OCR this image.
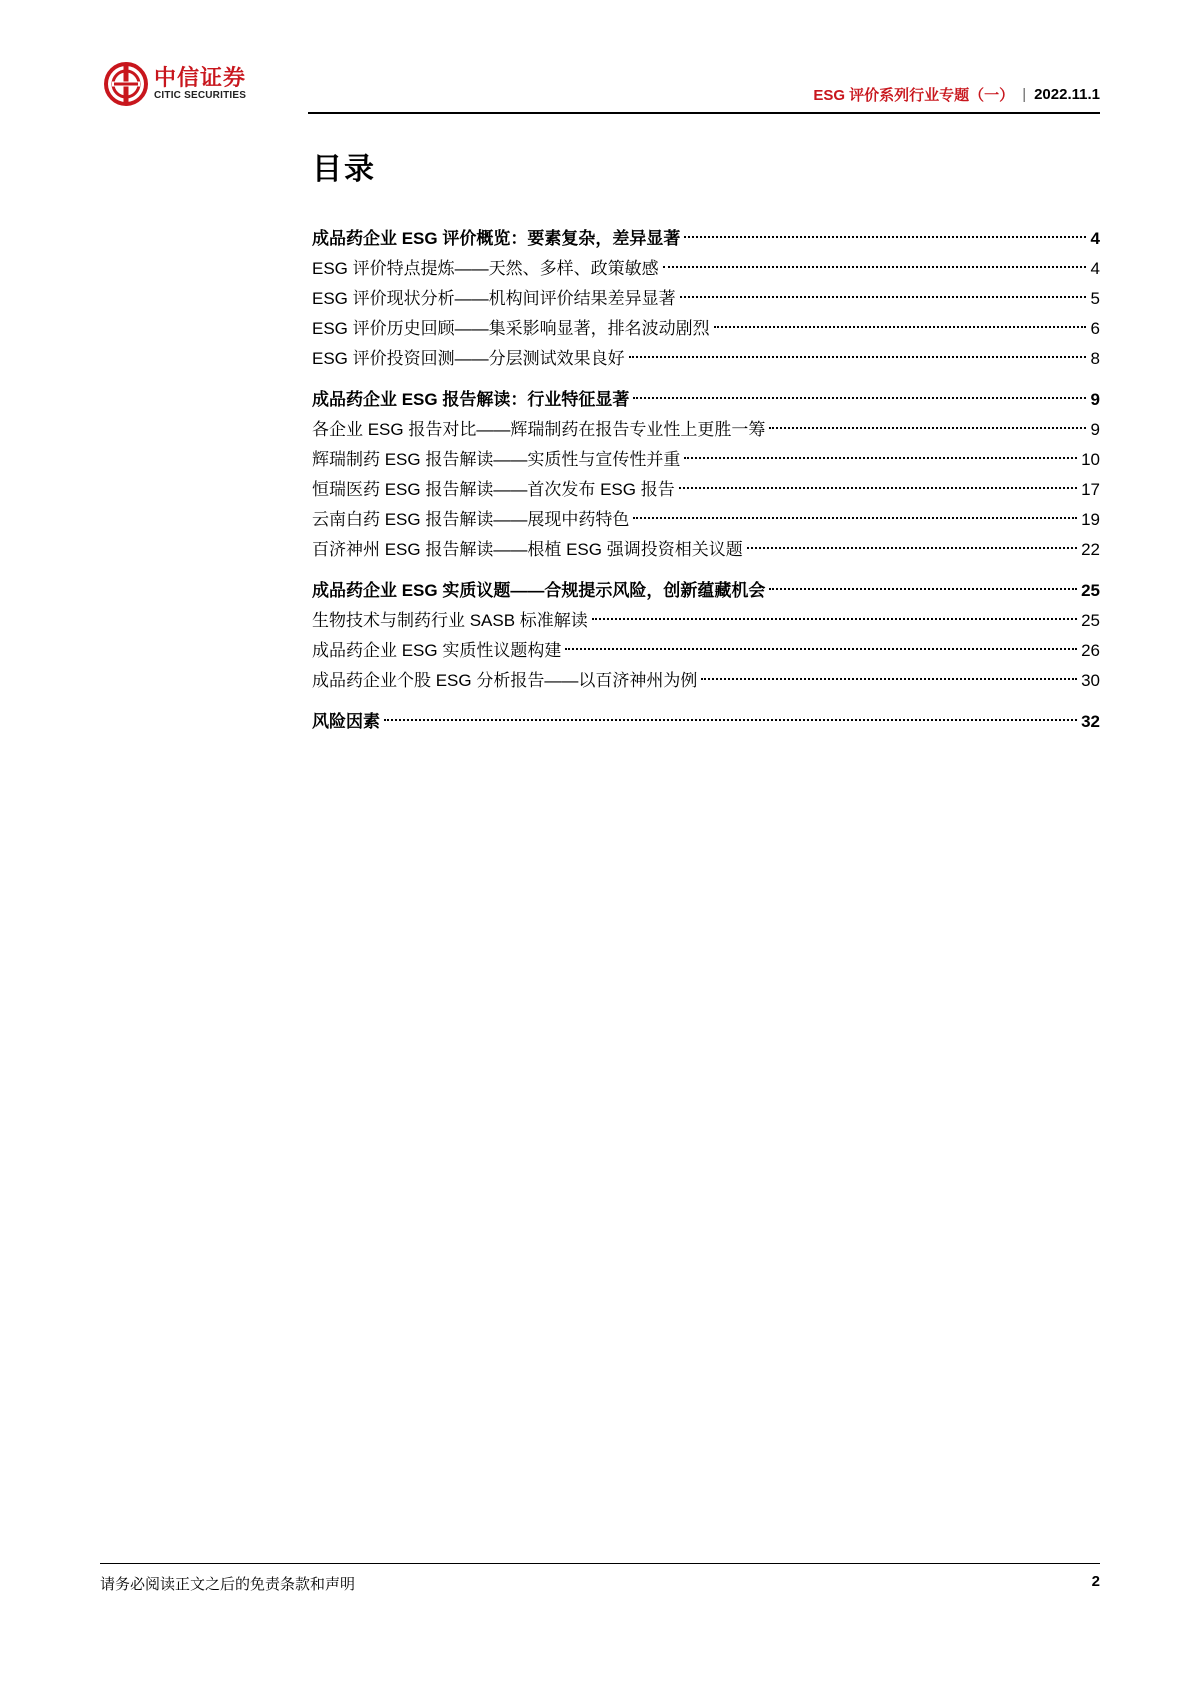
中信证券
CITIC SECURITIES	ESG 评价系列行业专题（一） | 2022.11.1
目录
成品药企业 ESG 评价概览：要素复杂，差异显著	4
ESG 评价特点提炼——天然、多样、政策敏感	4
ESG 评价现状分析——机构间评价结果差异显著	5
ESG 评价历史回顾——集采影响显著，排名波动剧烈	6
ESG 评价投资回测——分层测试效果良好	8
成品药企业 ESG 报告解读：行业特征显著	9
各企业 ESG 报告对比——辉瑞制药在报告专业性上更胜一筹	9
辉瑞制药 ESG 报告解读——实质性与宣传性并重	10
恒瑞医药 ESG 报告解读——首次发布 ESG 报告	17
云南白药 ESG 报告解读——展现中药特色	19
百济神州 ESG 报告解读——根植 ESG 强调投资相关议题	22
成品药企业 ESG 实质议题——合规提示风险，创新蕴藏机会	25
生物技术与制药行业 SASB 标准解读	25
成品药企业 ESG 实质性议题构建	26
成品药企业个股 ESG 分析报告——以百济神州为例	30
风险因素	32
请务必阅读正文之后的免责条款和声明	2
